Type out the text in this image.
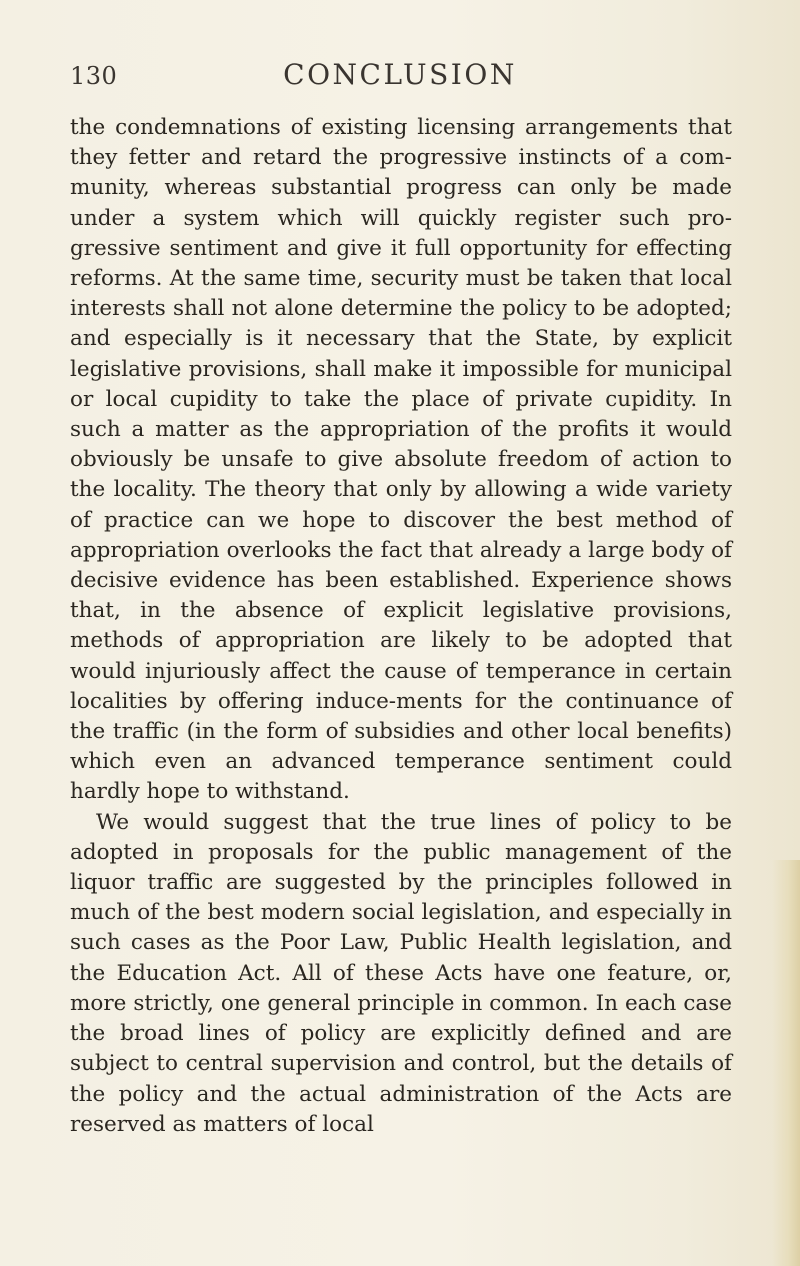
130	CONCLUSION

the condemnations of existing licensing arrangements that they fetter and retard the progressive instincts of a com-munity, whereas substantial progress can only be made under a system which will quickly register such pro-gressive sentiment and give it full opportunity for effecting reforms. At the same time, security must be taken that local interests shall not alone determine the policy to be adopted; and especially is it necessary that the State, by explicit legislative provisions, shall make it impossible for municipal or local cupidity to take the place of private cupidity. In such a matter as the appropriation of the profits it would obviously be unsafe to give absolute freedom of action to the locality. The theory that only by allowing a wide variety of practice can we hope to discover the best method of appropriation overlooks the fact that already a large body of decisive evidence has been established. Experience shows that, in the absence of explicit legislative provisions, methods of appropriation are likely to be adopted that would injuriously affect the cause of temperance in certain localities by offering induce-ments for the continuance of the traffic (in the form of subsidies and other local benefits) which even an advanced temperance sentiment could hardly hope to withstand.

We would suggest that the true lines of policy to be adopted in proposals for the public management of the liquor traffic are suggested by the principles followed in much of the best modern social legislation, and especially in such cases as the Poor Law, Public Health legislation, and the Education Act. All of these Acts have one feature, or, more strictly, one general principle in common. In each case the broad lines of policy are explicitly defined and are subject to central supervision and control, but the details of the policy and the actual administration of the Acts are reserved as matters of local
